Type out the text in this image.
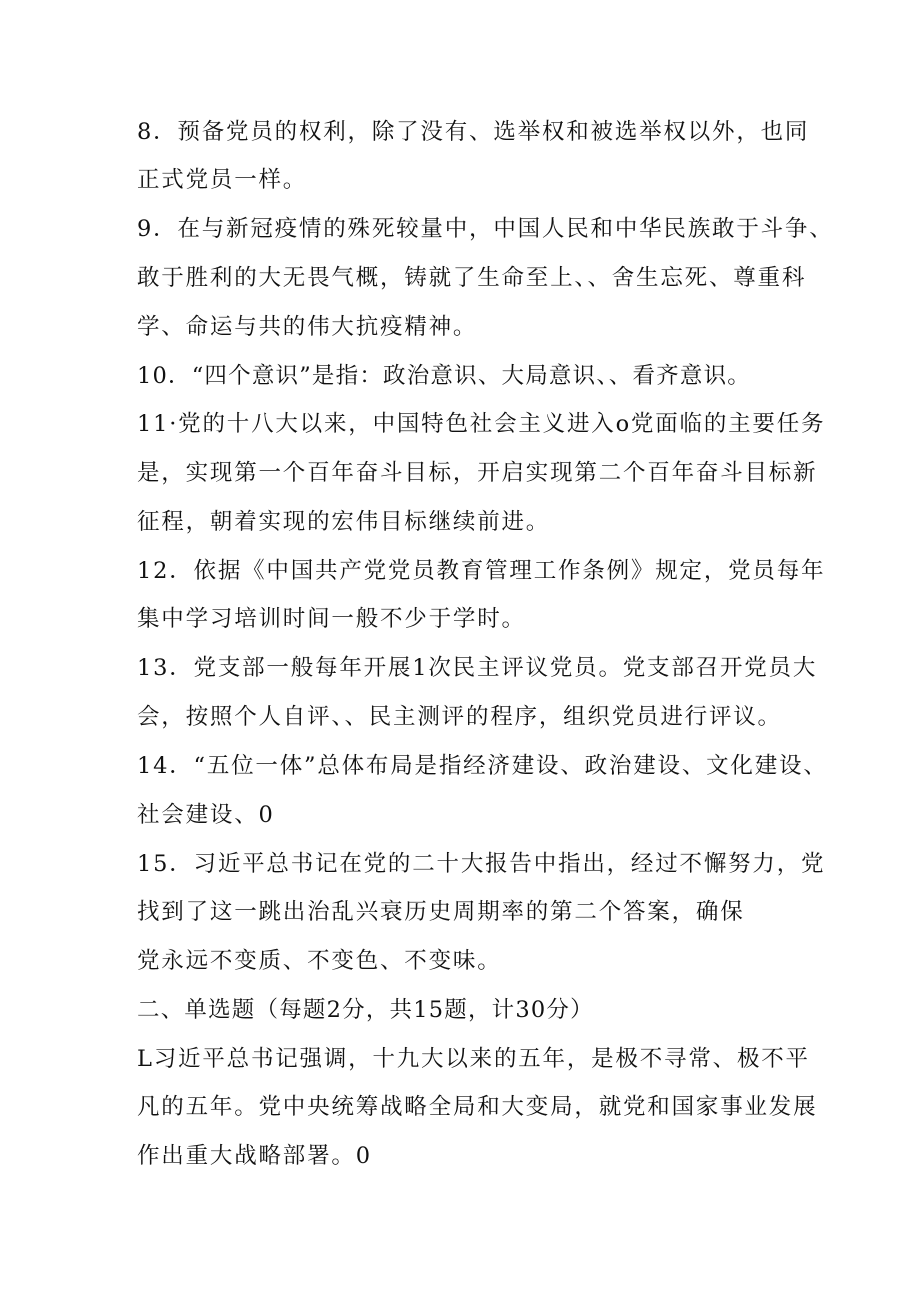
8．预备党员的权利，除了没有、选举权和被选举权以外，也同
正式党员一样。
9．在与新冠疫情的殊死较量中，中国人民和中华民族敢于斗争、
敢于胜利的大无畏气概，铸就了生命至上、、舍生忘死、尊重科
学、命运与共的伟大抗疫精神。
10．“四个意识”是指：政治意识、大局意识、、看齐意识。
11·党的十八大以来，中国特色社会主义进入o党面临的主要任务
是，实现第一个百年奋斗目标，开启实现第二个百年奋斗目标新
征程，朝着实现的宏伟目标继续前进。
12．依据《中国共产党党员教育管理工作条例》规定，党员每年
集中学习培训时间一般不少于学时。
13．党支部一般每年开展1次民主评议党员。党支部召开党员大
会，按照个人自评、、民主测评的程序，组织党员进行评议。
14．“五位一体”总体布局是指经济建设、政治建设、文化建设、
社会建设、0
15．习近平总书记在党的二十大报告中指出，经过不懈努力，党
找到了这一跳出治乱兴衰历史周期率的第二个答案，确保
党永远不变质、不变色、不变味。
二、单选题（每题2分，共15题，计30分）
L习近平总书记强调，十九大以来的五年，是极不寻常、极不平
凡的五年。党中央统筹战略全局和大变局，就党和国家事业发展
作出重大战略部署。0
